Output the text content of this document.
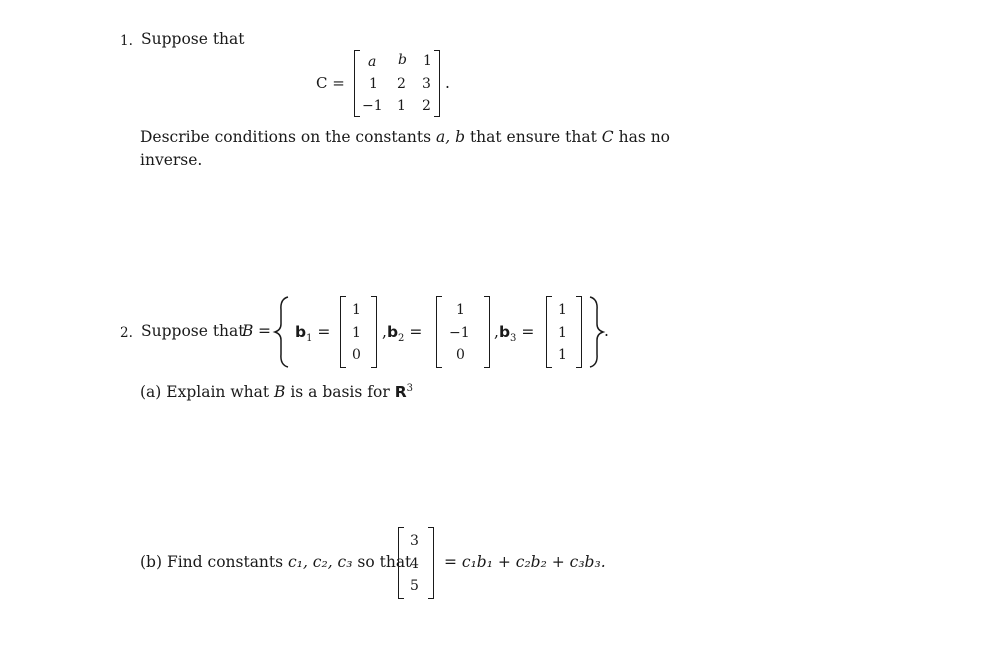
1. Suppose that
C =
a b 1
1 2 3
−1 1 2
.
Describe conditions on the constants a, b that ensure that C has no
inverse.
2. Suppose that
$B = b_1$ =
1
1
0
$,b_2$ =
1
−1
0
$,b_3$ =
1
1
1
.
(a) Explain what B is a basis for $R^3$
(b) Find constants c₁, c₂, c₃ so that
3
4
5
= c₁b₁ + c₂b₂ + c₃b₃.
